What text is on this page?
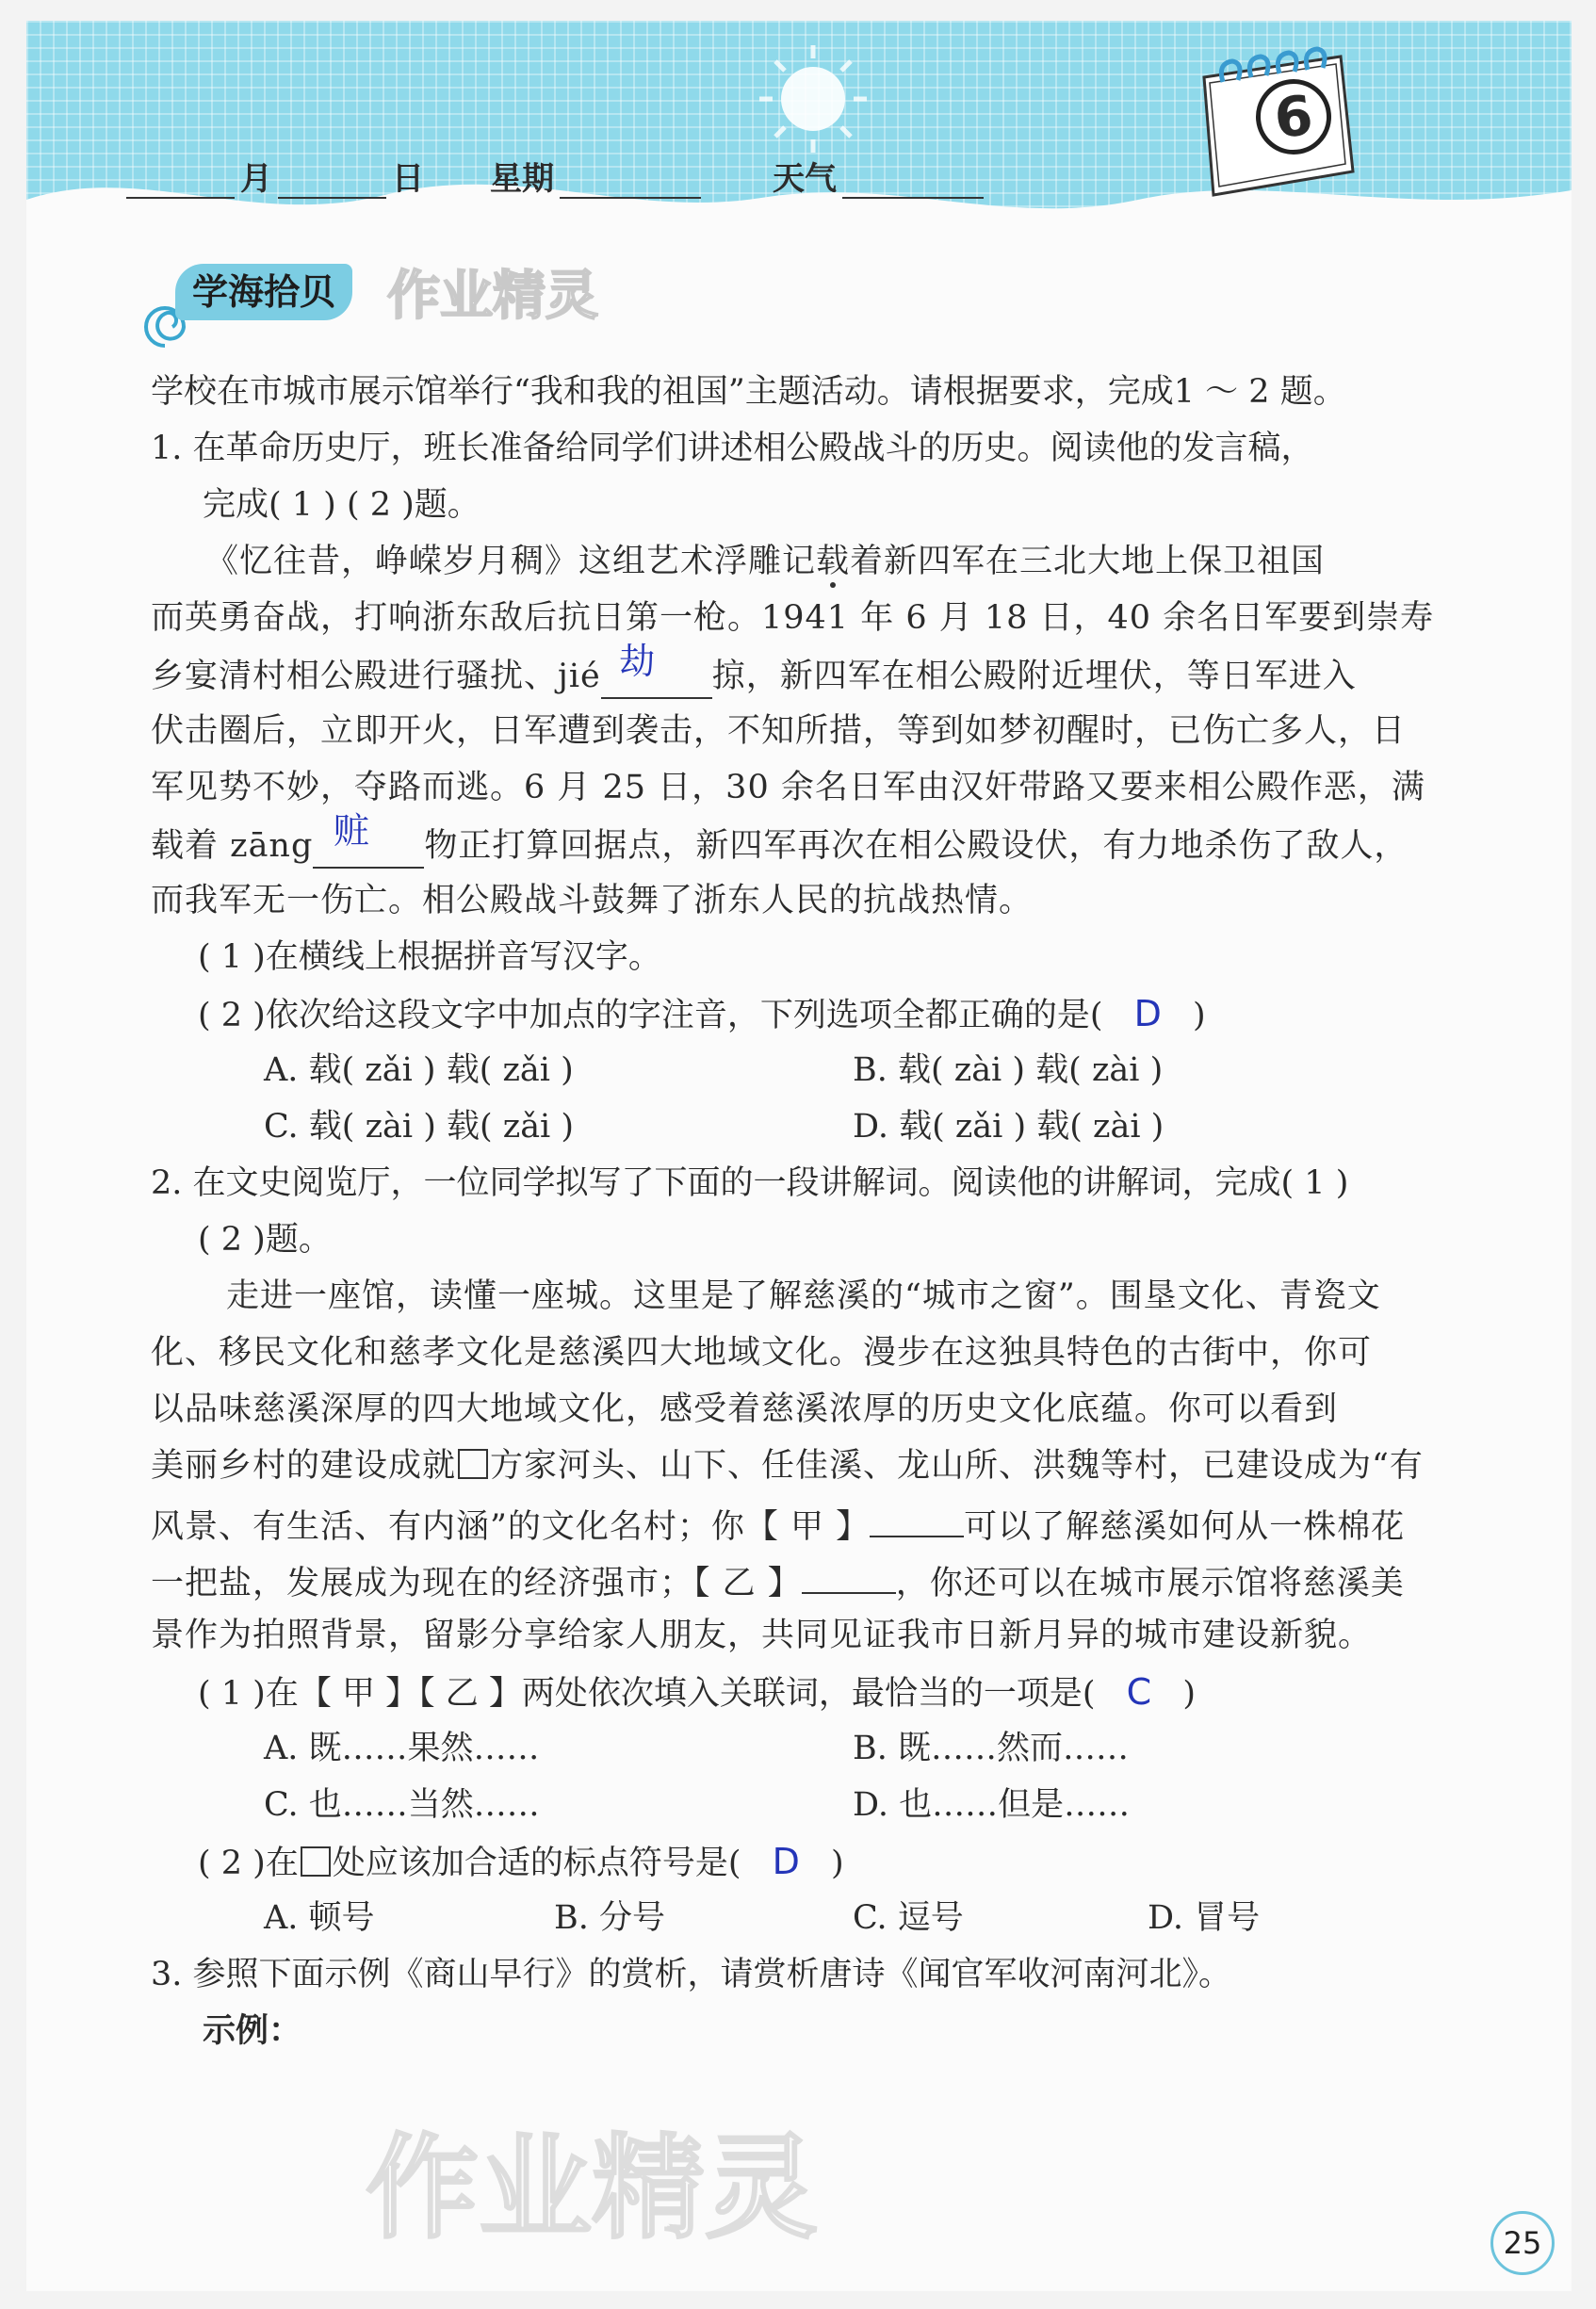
6
月	日 星期	天气
学海拾贝 作业精灵
学校在市城市展示馆举行“我和我的祖国”主题活动。请根据要求，完成1 ～ 2 题。
1. 在革命历史厅，班长准备给同学们讲述相公殿战斗的历史。阅读他的发言稿，
完成( 1 ) ( 2 )题。
《忆往昔，峥嵘岁月稠》这组艺术浮雕记载着新四军在三北大地上保卫祖国
而英勇奋战，打响浙东敌后抗日第一枪。1941 年 6 月 18 日，40 余名日军要到崇寿
乡宴清村相公殿进行骚扰、jié 劫 掠，新四军在相公殿附近埋伏，等日军进入
伏击圈后，立即开火，日军遭到袭击，不知所措，等到如梦初醒时，已伤亡多人，日
军见势不妙，夺路而逃。6 月 25 日，30 余名日军由汉奸带路又要来相公殿作恶，满
载着 zāng 赃 物正打算回据点，新四军再次在相公殿设伏，有力地杀伤了敌人，
而我军无一伤亡。相公殿战斗鼓舞了浙东人民的抗战热情。
( 1 )在横线上根据拼音写汉字。
( 2 )依次给这段文字中加点的字注音，下列选项全都正确的是( D )
A. 载( zǎi ) 载( zǎi )	B. 载( zài ) 载( zài )
C. 载( zài ) 载( zǎi )	D. 载( zǎi ) 载( zài )
2. 在文史阅览厅，一位同学拟写了下面的一段讲解词。阅读他的讲解词，完成( 1 )
( 2 )题。
走进一座馆，读懂一座城。这里是了解慈溪的“城市之窗”。围垦文化、青瓷文
化、移民文化和慈孝文化是慈溪四大地域文化。漫步在这独具特色的古街中，你可
以品味慈溪深厚的四大地域文化，感受着慈溪浓厚的历史文化底蕴。你可以看到
美丽乡村的建设成就 方家河头、山下、任佳溪、龙山所、洪魏等村，已建设成为“有
风景、有生活、有内涵”的文化名村；你【 甲 】	可以了解慈溪如何从一株棉花
一把盐，发展成为现在的经济强市；【 乙 】	，你还可以在城市展示馆将慈溪美
景作为拍照背景，留影分享给家人朋友，共同见证我市日新月异的城市建设新貌。
( 1 )在【 甲 】【 乙 】两处依次填入关联词，最恰当的一项是( C )
A. 既……果然……	B. 既……然而……
C. 也……当然……	D. 也……但是……
( 2 )在 处应该加合适的标点符号是( D )
A. 顿号	B. 分号	C. 逗号	D. 冒号
3. 参照下面示例《商山早行》的赏析，请赏析唐诗《闻官军收河南河北》。
示例：
作业精灵	25
